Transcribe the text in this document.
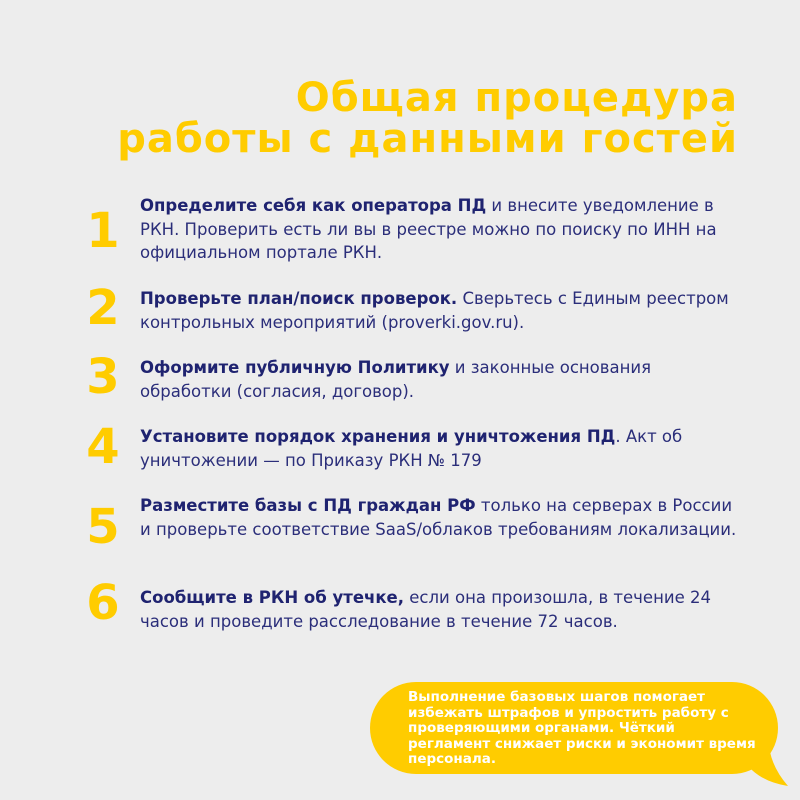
Общая процедура
работы с данными гостей
1	Определите себя как оператора ПД и внесите уведомление в РКН. Проверить есть ли вы в реестре можно по поиску по ИНН на официальном портале РКН.
2	Проверьте план/поиск проверок. Сверьтесь с Единым реестром контрольных мероприятий (proverki.gov.ru).
3	Оформите публичную Политику и законные основания обработки (согласия, договор).
4	Установите порядок хранения и уничтожения ПД. Акт об уничтожении — по Приказу РКН № 179
5	Разместите базы с ПД граждан РФ только на серверах в России и проверьте соответствие SaaS/облаков требованиям локализации.
6	Сообщите в РКН об утечке, если она произошла, в течение 24 часов и проведите расследование в течение 72 часов.
Выполнение базовых шагов помогает избежать штрафов и упростить работу с проверяющими органами. Чёткий регламент снижает риски и экономит время персонала.
